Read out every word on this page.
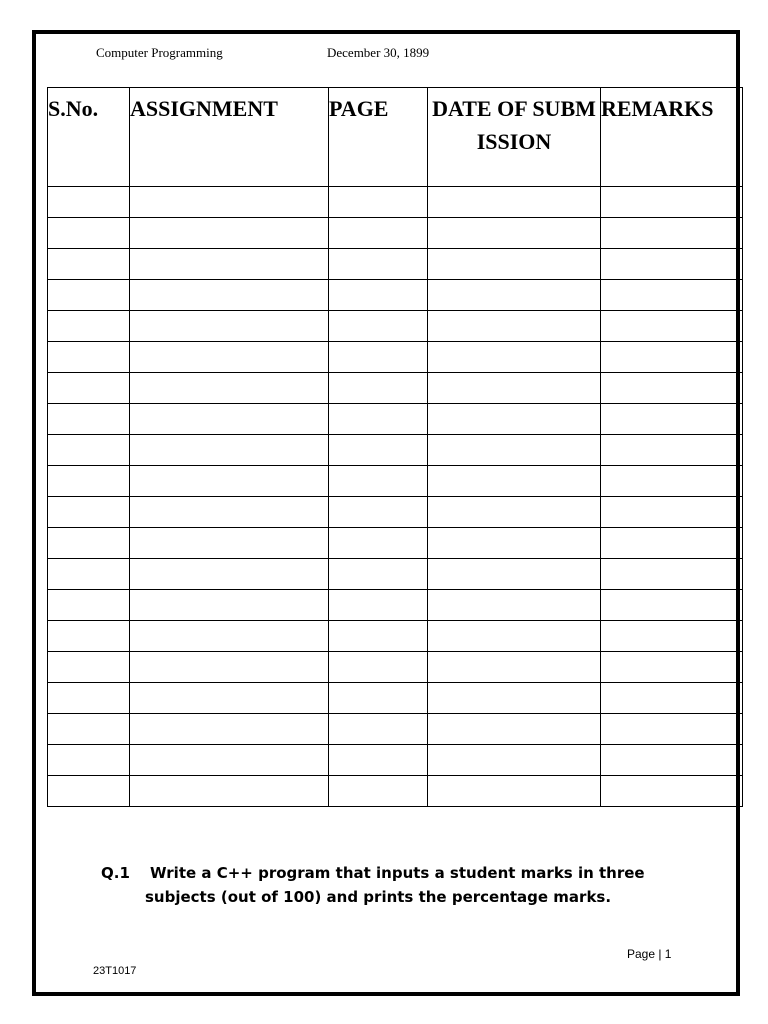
Computer Programming	December 30, 1899
S.No.	ASSIGNMENT	PAGE	DATE OF SUBMISSION	REMARKS

Q.1 Write a C++ program that inputs a student marks in three
subjects (out of 100) and prints the percentage marks.
Page | 1
23T1017
